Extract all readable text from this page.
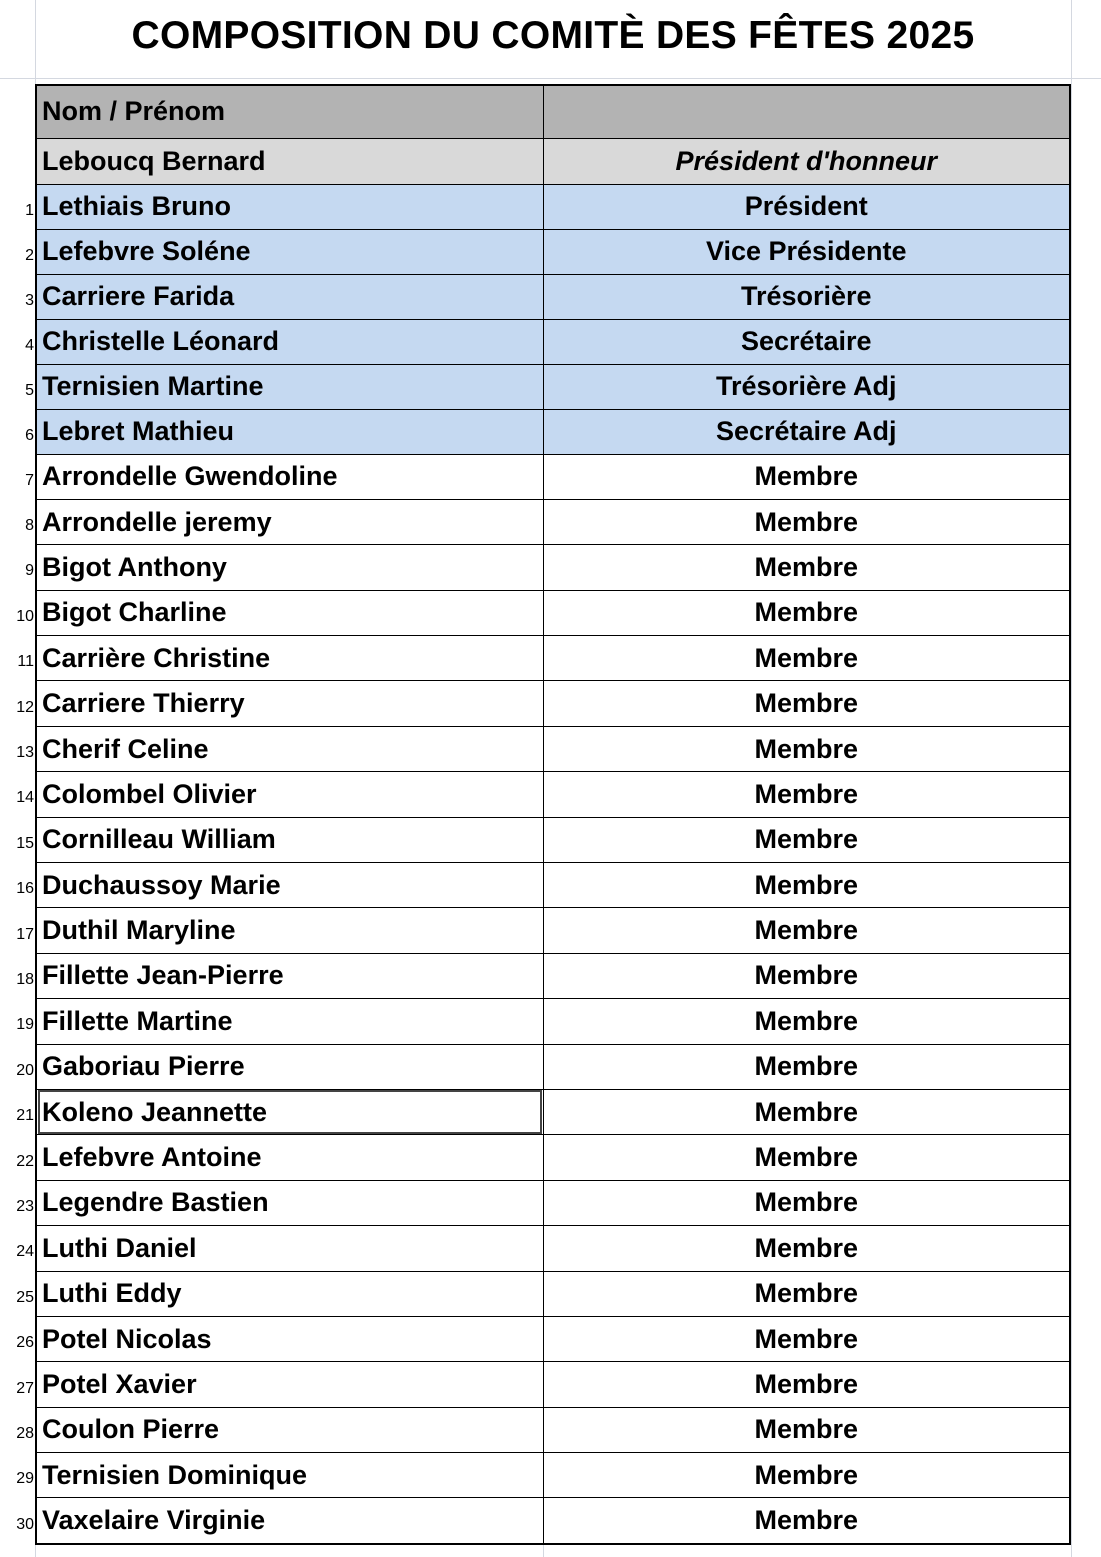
COMPOSITION DU COMITÈ DES FÊTES 2025
1
2
3
4
5
6
7
8
9
10
11
12
13
14
15
16
17
18
19
20
21
22
23
24
25
26
27
28
29
30
Nom / Prénom	
Leboucq Bernard	Président d'honneur
Lethiais Bruno	Président
Lefebvre Soléne	Vice Présidente
Carriere Farida	Trésorière
Christelle Léonard	Secrétaire
Ternisien Martine	Trésorière Adj
Lebret Mathieu	Secrétaire Adj
Arrondelle Gwendoline	Membre
Arrondelle jeremy	Membre
Bigot Anthony	Membre
Bigot Charline	Membre
Carrière Christine	Membre
Carriere Thierry	Membre
Cherif Celine	Membre
Colombel Olivier	Membre
Cornilleau William	Membre
Duchaussoy Marie	Membre
Duthil Maryline	Membre
Fillette Jean-Pierre	Membre
Fillette Martine	Membre
Gaboriau Pierre	Membre
Koleno Jeannette	Membre
Lefebvre Antoine	Membre
Legendre Bastien	Membre
Luthi Daniel	Membre
Luthi Eddy	Membre
Potel Nicolas	Membre
Potel Xavier	Membre
Coulon Pierre	Membre
Ternisien Dominique	Membre
Vaxelaire Virginie	Membre
